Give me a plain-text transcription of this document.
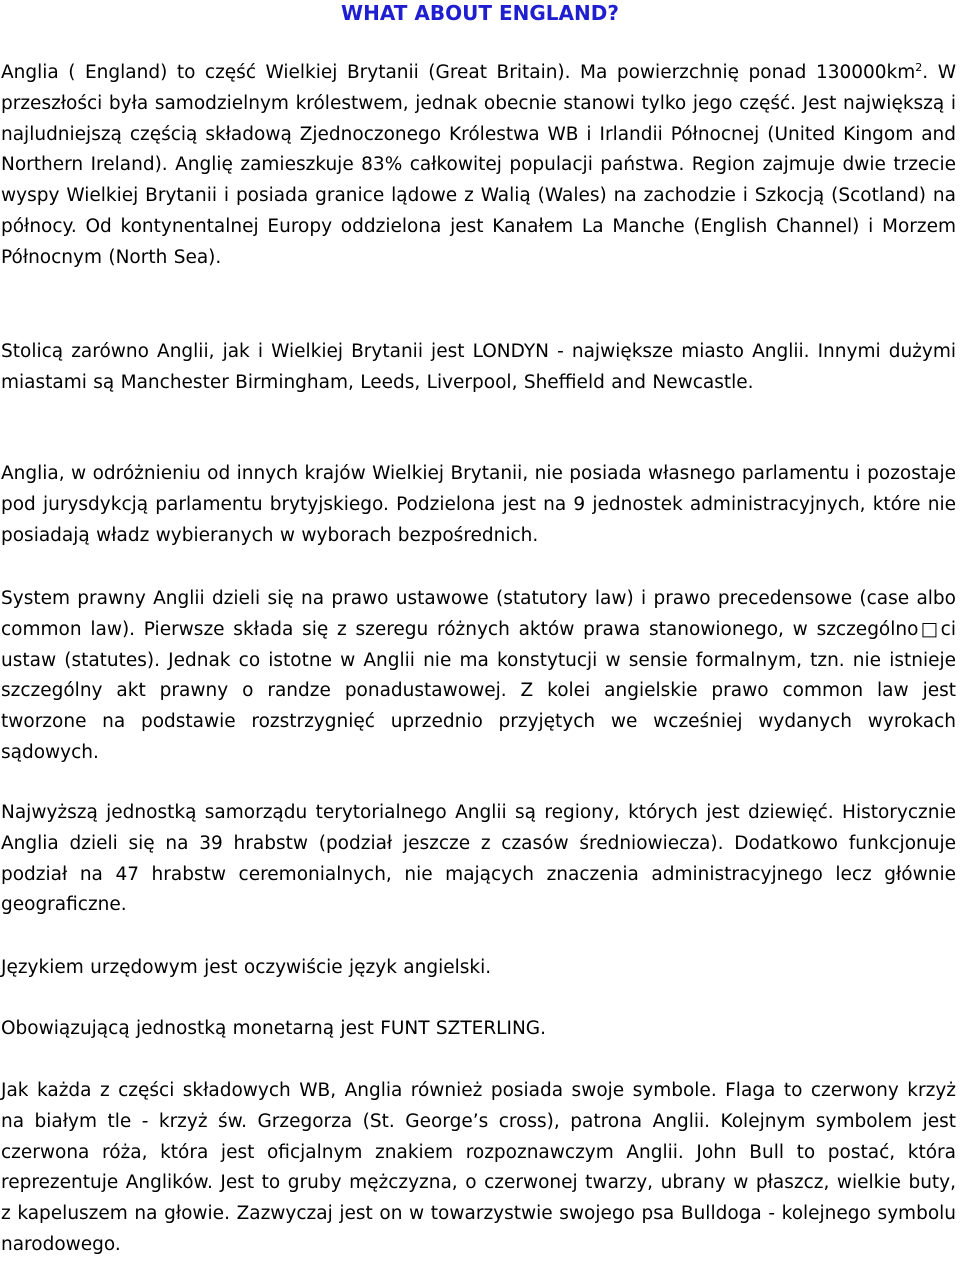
WHAT ABOUT ENGLAND?

Anglia ( England) to część Wielkiej Brytanii (Great Britain). Ma powierzchnię ponad $130000km^2$. W przeszłości była samodzielnym królestwem, jednak obecnie stanowi tylko jego część. Jest największą i najludniejszą częścią składową Zjednoczonego Królestwa WB i Irlandii Północnej (United Kingom and Northern Ireland). Anglię zamieszkuje 83% całkowitej populacji państwa. Region zajmuje dwie trzecie wyspy Wielkiej Brytanii i posiada granice lądowe z Walią (Wales) na zachodzie i Szkocją (Scotland) na północy. Od kontynentalnej Europy oddzielona jest Kanałem La Manche (English Channel) i Morzem Północnym (North Sea).

Stolicą zarówno Anglii, jak i Wielkiej Brytanii jest LONDYN - największe miasto Anglii. Innymi dużymi miastami są Manchester Birmingham, Leeds, Liverpool, Sheffield and Newcastle.

Anglia, w odróżnieniu od innych krajów Wielkiej Brytanii, nie posiada własnego parlamentu i pozostaje pod jurysdykcją parlamentu brytyjskiego. Podzielona jest na 9 jednostek administracyjnych, które nie posiadają władz wybieranych w wyborach bezpośrednich.

System prawny Anglii dzieli się na prawo ustawowe (statutory law) i prawo precedensowe (case albo common law). Pierwsze składa się z szeregu różnych aktów prawa stanowionego, w szczególno□ci ustaw (statutes). Jednak co istotne w Anglii nie ma konstytucji w sensie formalnym, tzn. nie istnieje szczególny akt prawny o randze ponadustawowej. Z kolei angielskie prawo common law jest tworzone na podstawie rozstrzygnięć uprzednio przyjętych we wcześniej wydanych wyrokach sądowych.

Najwyższą jednostką samorządu terytorialnego Anglii są regiony, których jest dziewięć. Historycznie Anglia dzieli się na 39 hrabstw (podział jeszcze z czasów średniowiecza). Dodatkowo funkcjonuje podział na 47 hrabstw ceremonialnych, nie mających znaczenia administracyjnego lecz głównie geograficzne.

Językiem urzędowym jest oczywiście język angielski.

Obowiązującą jednostką monetarną jest FUNT SZTERLING.

Jak każda z części składowych WB, Anglia również posiada swoje symbole. Flaga to czerwony krzyż na białym tle - krzyż św. Grzegorza (St. George’s cross), patrona Anglii. Kolejnym symbolem jest czerwona róża, która jest oficjalnym znakiem rozpoznawczym Anglii. John Bull to postać, która reprezentuje Anglików. Jest to gruby mężczyzna, o czerwonej twarzy, ubrany w płaszcz, wielkie buty, z kapeluszem na głowie. Zazwyczaj jest on w towarzystwie swojego psa Bulldoga - kolejnego symbolu narodowego.
